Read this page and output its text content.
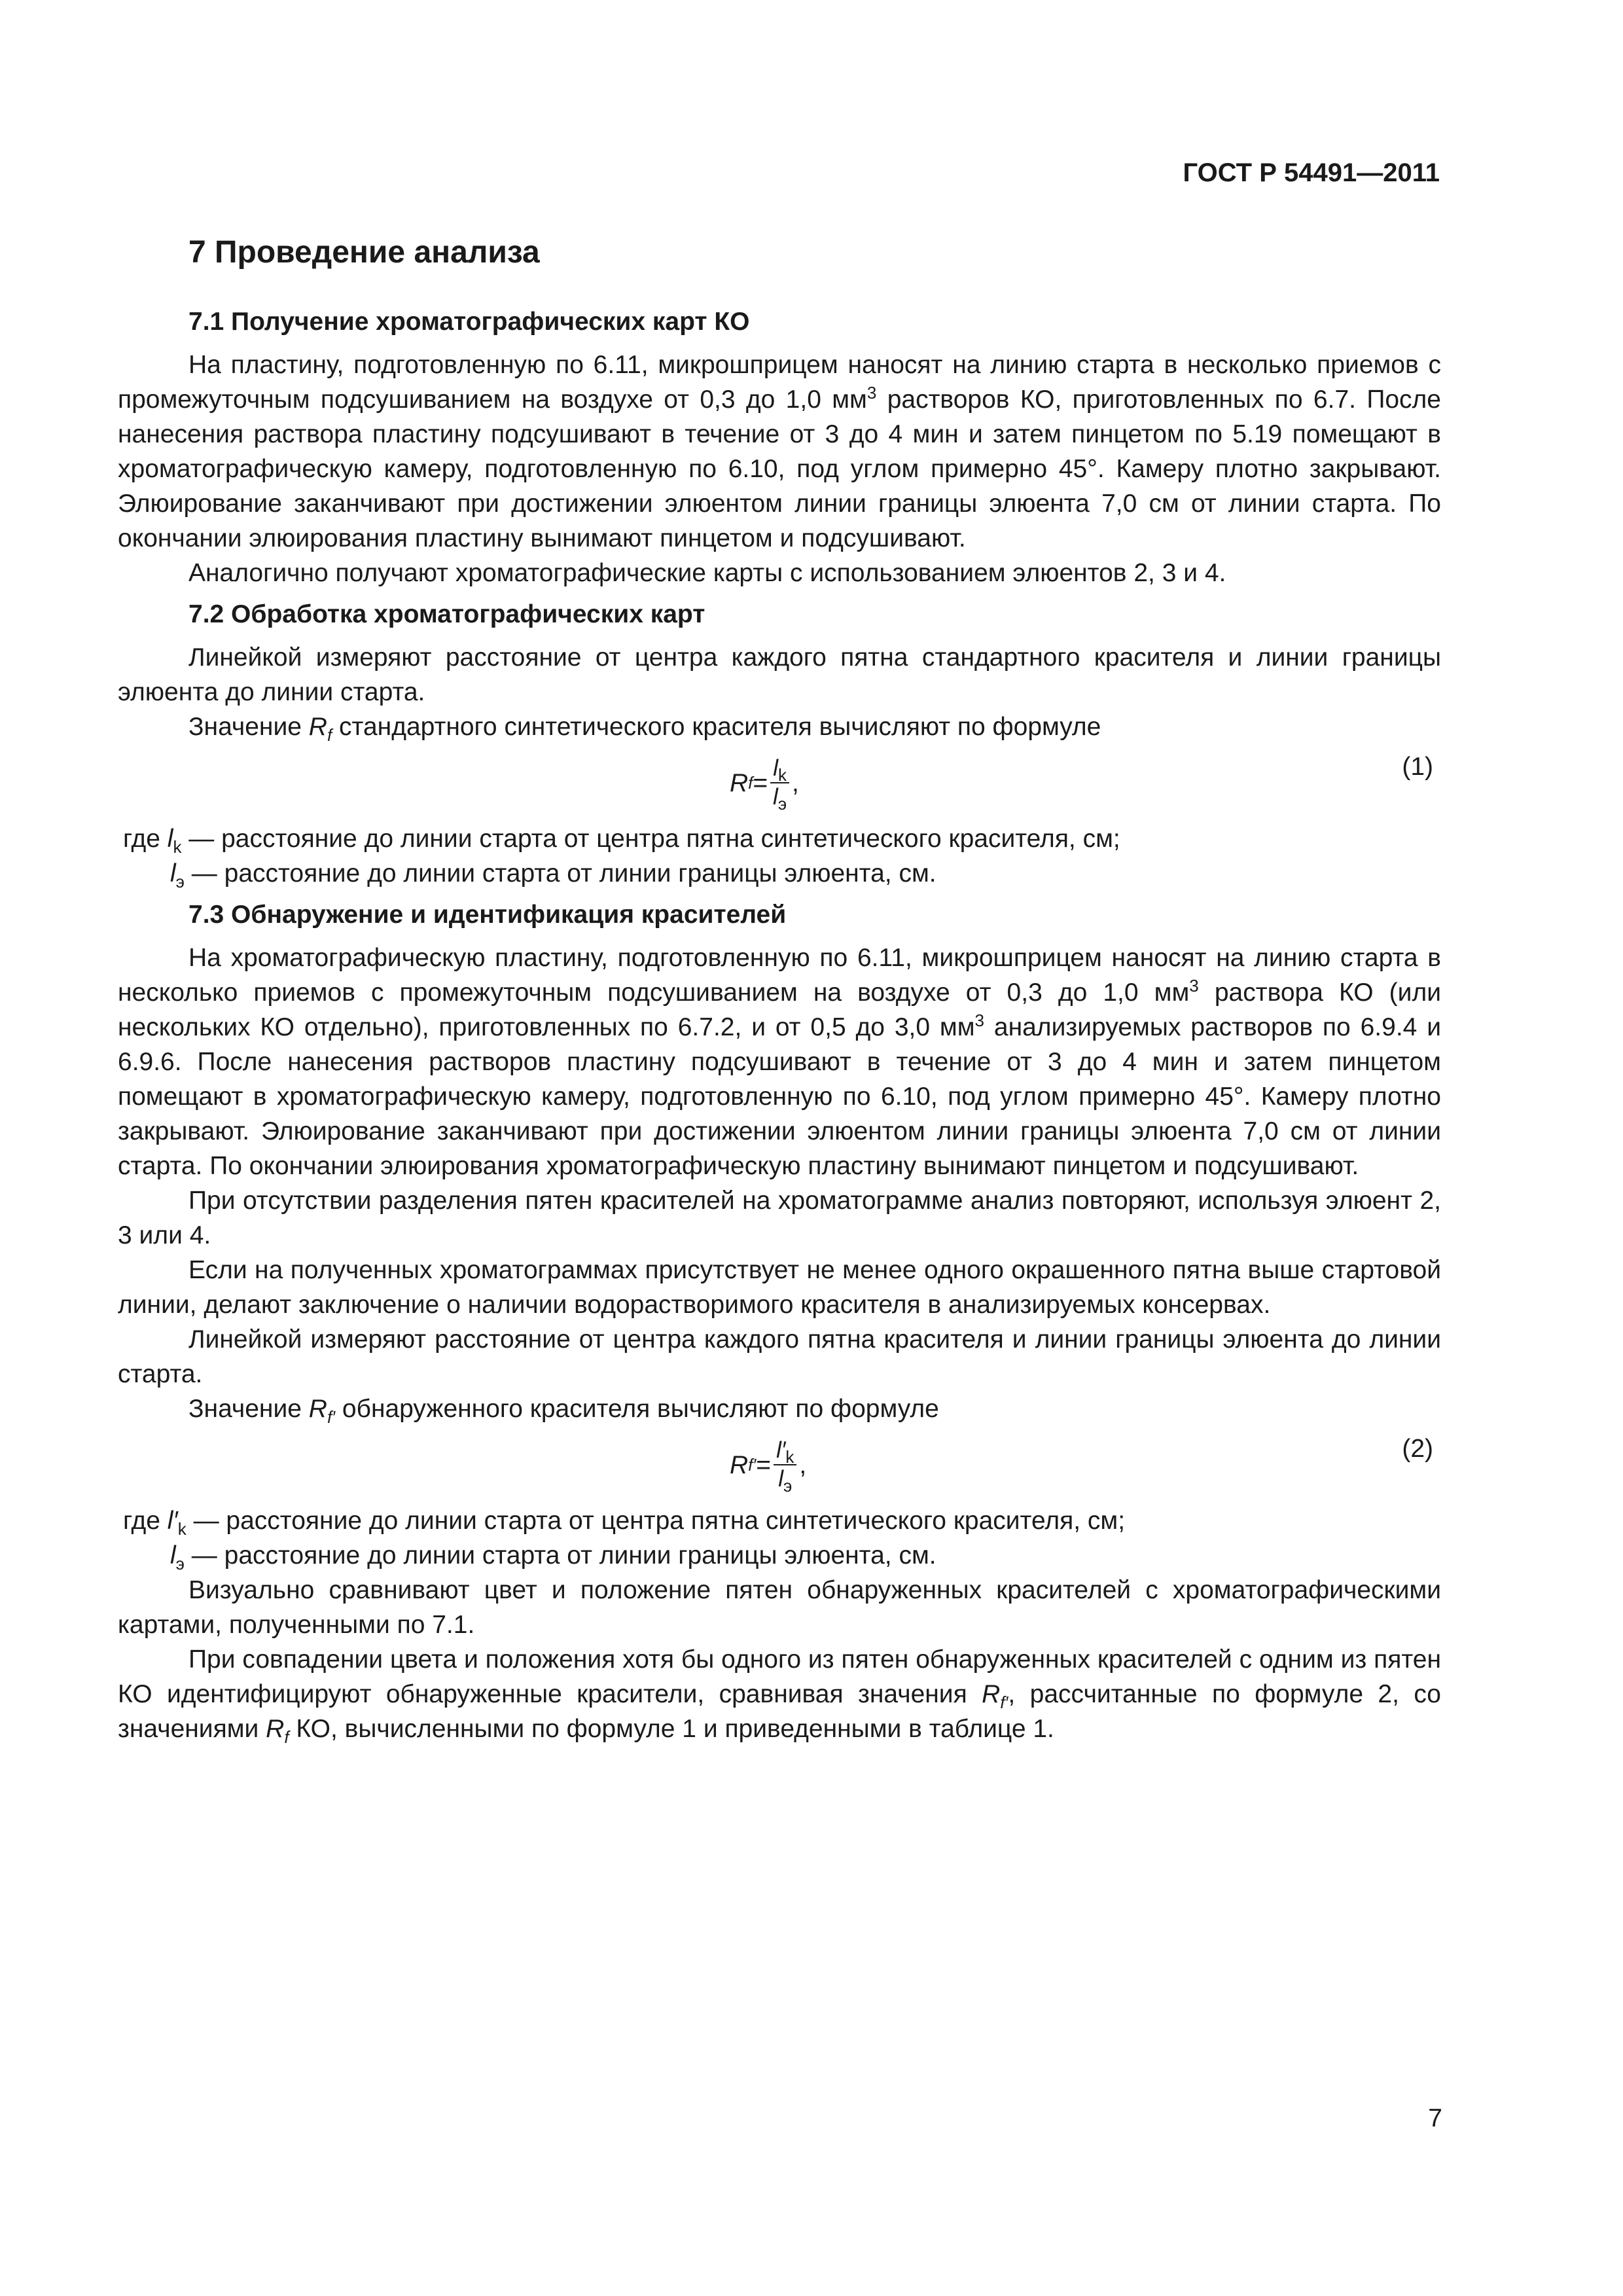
ГОСТ Р 54491—2011
7 Проведение анализа
7.1 Получение хроматографических карт КО

На пластину, подготовленную по 6.11, микрошприцем наносят на линию старта в несколько приемов с промежуточным подсушиванием на воздухе от 0,3 до 1,0 $мм^3$ растворов КО, приготовленных по 6.7. После нанесения раствора пластину подсушивают в течение от 3 до 4 мин и затем пинцетом по 5.19 помещают в хроматографическую камеру, подготовленную по 6.10, под углом примерно 45°. Камеру плотно закрывают. Элюирование заканчивают при достижении элюентом линии границы элюента 7,0 см от линии старта. По окончании элюирования пластину вынимают пинцетом и подсушивают.

Аналогично получают хроматографические карты с использованием элюентов 2, 3 и 4.

7.2 Обработка хроматографических карт

Линейкой измеряют расстояние от центра каждого пятна стандартного красителя и линии границы элюента до линии старта.

Значение $R_f$ стандартного синтетического красителя вычисляют по формуле

R $f = \frac{l_k}{l_э}$ ,
(1)

где $l_k$ — расстояние до линии старта от центра пятна синтетического красителя, см;

$l_э$ — расстояние до линии старта от линии границы элюента, см.

7.3 Обнаружение и идентификация красителей

На хроматографическую пластину, подготовленную по 6.11, микрошприцем наносят на линию старта в несколько приемов с промежуточным подсушиванием на воздухе от 0,3 до 1,0 $мм^3$ раствора КО (или нескольких КО отдельно), приготовленных по 6.7.2, и от 0,5 до 3,0 $мм^3$ анализируемых растворов по 6.9.4 и 6.9.6. После нанесения растворов пластину подсушивают в течение от 3 до 4 мин и затем пинцетом помещают в хроматографическую камеру, подготовленную по 6.10, под углом примерно 45°. Камеру плотно закрывают. Элюирование заканчивают при достижении элюентом линии границы элюента 7,0 см от линии старта. По окончании элюирования хроматографическую пластину вынимают пинцетом и подсушивают.

При отсутствии разделения пятен красителей на хроматограмме анализ повторяют, используя элюент 2, 3 или 4.

Если на полученных хроматограммах присутствует не менее одного окрашенного пятна выше стартовой линии, делают заключение о наличии водорастворимого красителя в анализируемых консервах.

Линейкой измеряют расстояние от центра каждого пятна красителя и линии границы элюента до линии старта.

Значение $R_{f'}$ обнаруженного красителя вычисляют по формуле

R $f' = \frac{l'_k}{l_э}$ ,
(2)

где $l'_k$ — расстояние до линии старта от центра пятна синтетического красителя, см;

$l_э$ — расстояние до линии старта от линии границы элюента, см.

Визуально сравнивают цвет и положение пятен обнаруженных красителей с хроматографическими картами, полученными по 7.1.

При совпадении цвета и положения хотя бы одного из пятен обнаруженных красителей с одним из пятен КО идентифицируют обнаруженные красители, сравнивая значения $R_{f'}$, рассчитанные по формуле 2, со значениями $R_f$ КО, вычисленными по формуле 1 и приведенными в таблице 1.

7
